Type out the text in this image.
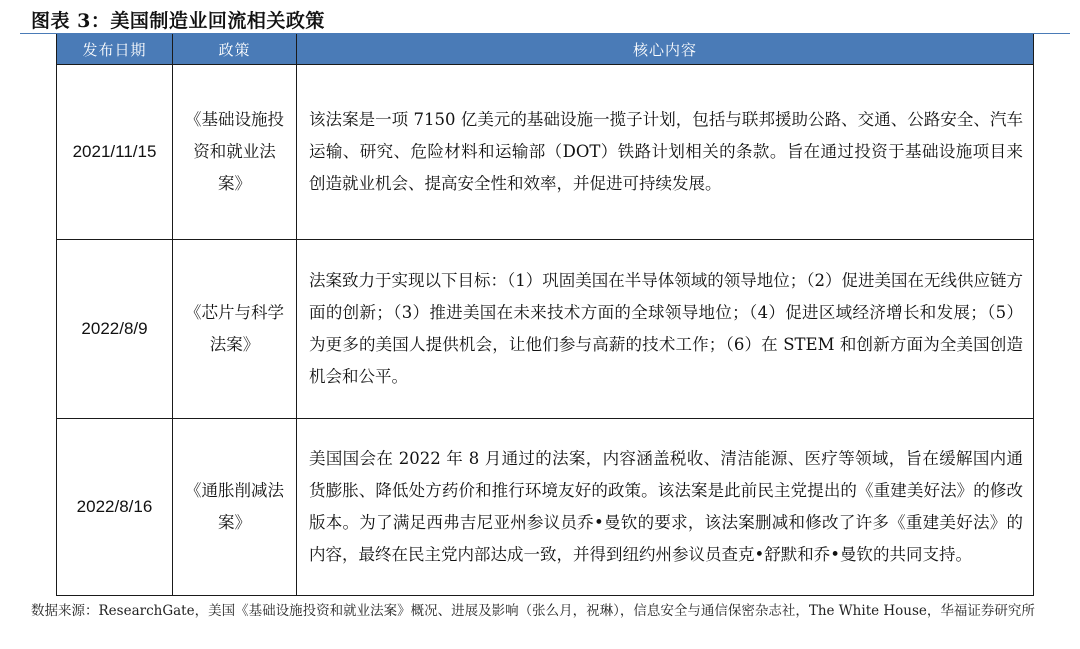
图表 3：美国制造业回流相关政策
发布日期	政策	核心内容
2021/11/15	《基础设施投资和就业法案》	该法案是一项 7150 亿美元的基础设施一揽子计划，包括与联邦援助公路、交通、公路安全、汽车运输、研究、危险材料和运输部（DOT）铁路计划相关的条款。旨在通过投资于基础设施项目来创造就业机会、提高安全性和效率，并促进可持续发展。
2022/8/9	《芯片与科学法案》	法案致力于实现以下目标：（1）巩固美国在半导体领域的领导地位；（2）促进美国在无线供应链方面的创新；（3）推进美国在未来技术方面的全球领导地位；（4）促进区域经济增长和发展；（5）为更多的美国人提供机会，让他们参与高薪的技术工作；（6）在 STEM 和创新方面为全美国创造机会和公平。
2022/8/16	《通胀削减法案》	美国国会在 2022 年 8 月通过的法案，内容涵盖税收、清洁能源、医疗等领域，旨在缓解国内通货膨胀、降低处方药价和推行环境友好的政策。该法案是此前民主党提出的《重建美好法》的修改版本。为了满足西弗吉尼亚州参议员乔•曼钦的要求，该法案删减和修改了许多《重建美好法》的内容，最终在民主党内部达成一致，并得到纽约州参议员查克•舒默和乔•曼钦的共同支持。
数据来源：ResearchGate，美国《基础设施投资和就业法案》概况、进展及影响（张么月，祝琳），信息安全与通信保密杂志社，The White House，华福证券研究所
